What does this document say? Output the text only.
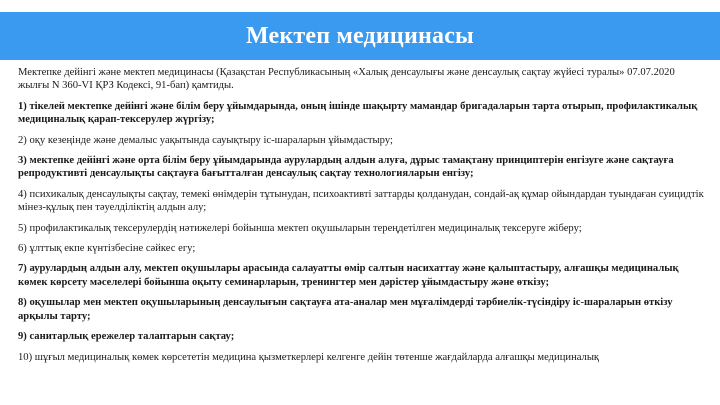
Мектеп медицинасы

Мектепке дейінгі және мектеп медицинасы (Қазақстан Республикасының «Халық денсаулығы және денсаулық сақтау жүйесі туралы» 07.07.2020 жылғы N 360-VI ҚРЗ Кодексі, 91-бап) қамтиды.

1) тікелей мектепке дейінгі және білім беру ұйымдарында, оның ішінде шақырту мамандар бригадаларын тарта отырып, профилактикалық медициналық қарап-тексерулер жүргізу;

2) оқу кезеңінде және демалыс уақытында сауықтыру іс-шараларын ұйымдастыру;

3) мектепке дейінгі және орта білім беру ұйымдарында аурулардың алдын алуға, дұрыс тамақтану принциптерін енгізуге және сақтауға репродуктивті денсаулықты сақтауға бағытталған денсаулық сақтау технологияларын енгізу;

4) психикалық денсаулықты сақтау, темекі өнімдерін тұтынудан, психоактивті заттарды қолданудан, сондай-ақ құмар ойындардан туындаған суицидтік мінез-құлық пен тәуелділіктің алдын алу;

5) профилактикалық тексерулердің нәтижелері бойынша мектеп оқушыларын тереңдетілген медициналық тексеруге жіберу;

6) ұлттық екпе күнтізбесіне сәйкес егу;

7) аурулардың алдын алу, мектеп оқушылары арасында салауатты өмір салтын насихаттау және қалыптастыру, алғашқы медициналық көмек көрсету мәселелері бойынша оқыту семинарларын, тренингтер мен дәрістер ұйымдастыру және өткізу;

8) оқушылар мен мектеп оқушыларының денсаулығын сақтауға ата-аналар мен мұғалімдерді тәрбиелік-түсіндіру іс-шараларын өткізу арқылы тарту;

9) санитарлық ережелер талаптарын сақтау;

10) шұғыл медициналық көмек көрсететін медицина қызметкерлері келгенге дейін төтенше жағдайларда алғашқы медициналық
